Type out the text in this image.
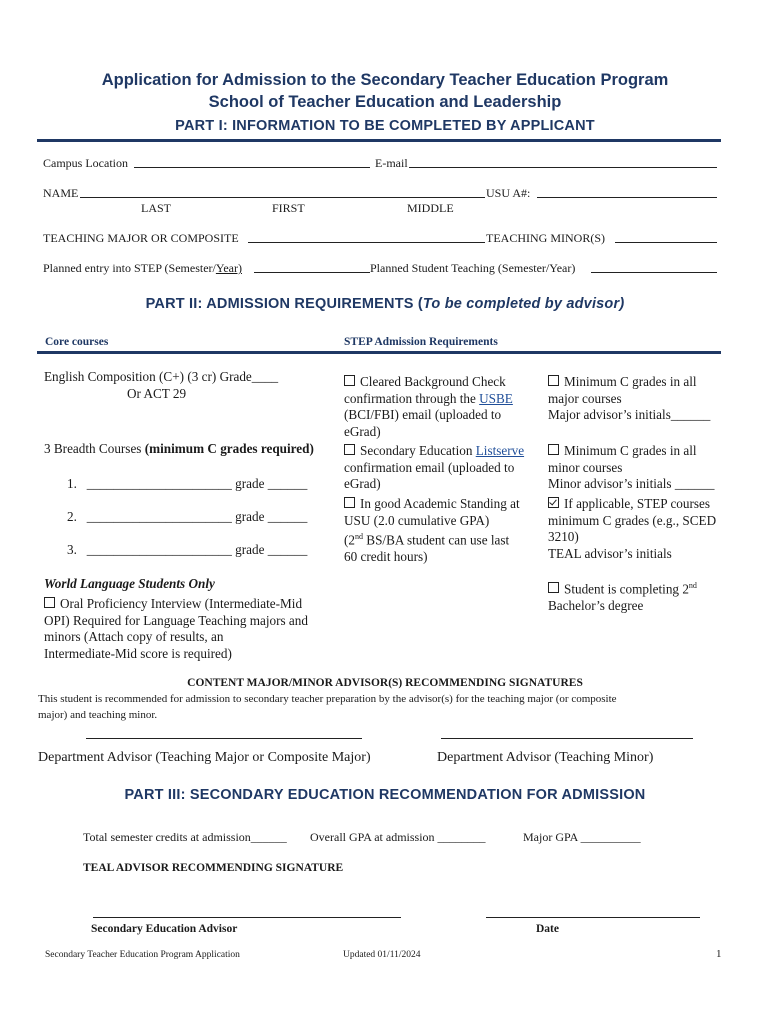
Application for Admission to the Secondary Teacher Education Program
School of Teacher Education and Leadership
PART I: INFORMATION TO BE COMPLETED BY APPLICANT
Campus Location	E-mail
NAME	USU A#:
LAST	FIRST	MIDDLE
TEACHING MAJOR OR COMPOSITE	TEACHING MINOR(S)
Planned entry into STEP (Semester/Year)	Planned Student Teaching (Semester/Year)
PART II: ADMISSION REQUIREMENTS (To be completed by advisor)
Core courses	STEP Admission Requirements
English Composition (C+) (3 cr) Grade____
Or ACT 29
3 Breadth Courses (minimum C grades required)
1. ______________________ grade ______
2. ______________________ grade ______
3. ______________________ grade ______
World Language Students Only
Oral Proficiency Interview (Intermediate-Mid
OPI) Required for Language Teaching majors and
minors (Attach copy of results, an
Intermediate-Mid score is required)
Cleared Background Check
confirmation through the USBE
(BCI/FBI) email (uploaded to
eGrad)
Secondary Education Listserve
confirmation email (uploaded to
eGrad)
In good Academic Standing at
USU (2.0 cumulative GPA)
(2nd BS/BA student can use last
60 credit hours)
Minimum C grades in all
major courses
Major advisor’s initials______
Minimum C grades in all
minor courses
Minor advisor’s initials ______
If applicable, STEP courses
minimum C grades (e.g., SCED
3210)
TEAL advisor’s initials
Student is completing 2nd
Bachelor’s degree
CONTENT MAJOR/MINOR ADVISOR(S) RECOMMENDING SIGNATURES
This student is recommended for admission to secondary teacher preparation by the advisor(s) for the teaching major (or composite
major) and teaching minor.
Department Advisor (Teaching Major or Composite Major)	Department Advisor (Teaching Minor)
PART III: SECONDARY EDUCATION RECOMMENDATION FOR ADMISSION
Total semester credits at admission______ Overall GPA at admission ________	Major GPA __________
TEAL ADVISOR RECOMMENDING SIGNATURE
Secondary Education Advisor	Date
Secondary Teacher Education Program Application	Updated 01/11/2024	1
